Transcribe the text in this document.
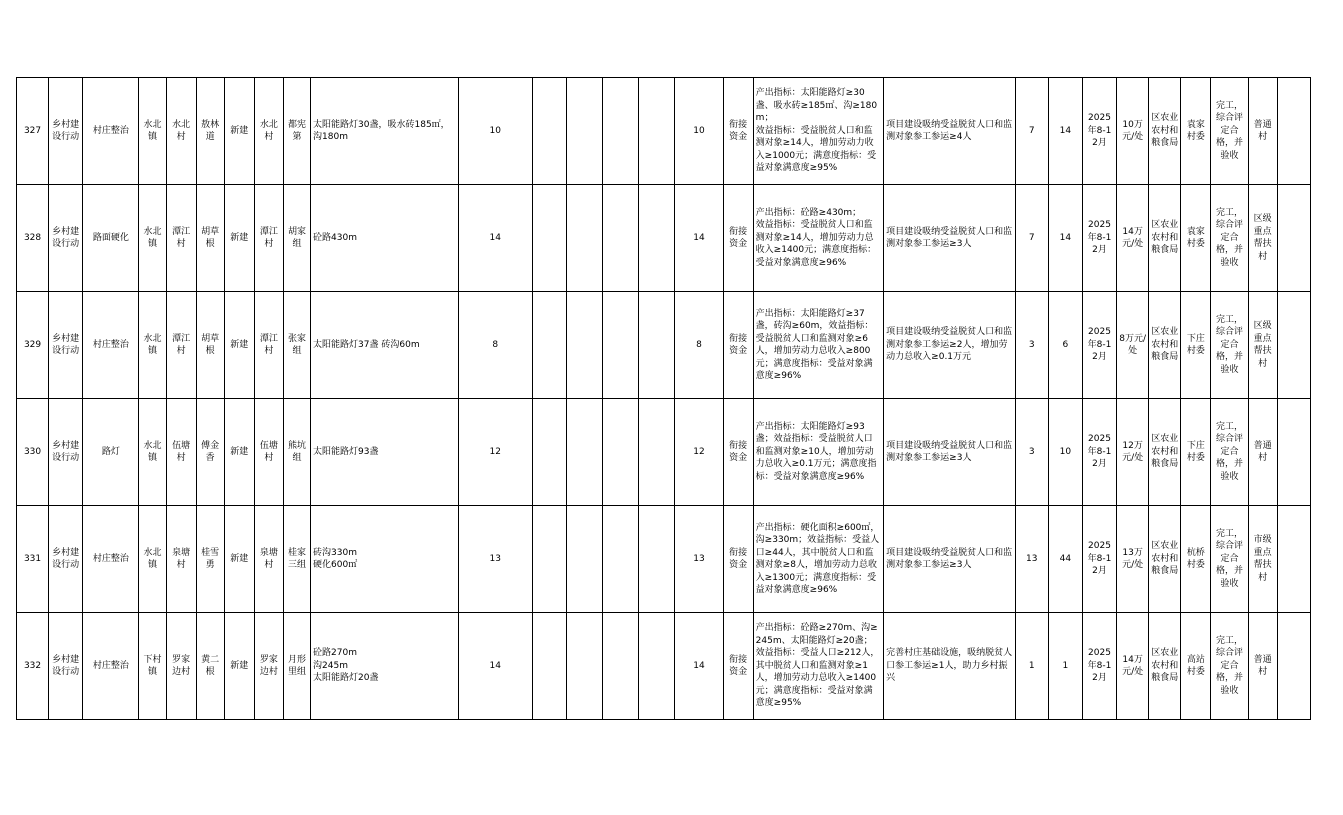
327	乡村建设行动	村庄整治	水北镇	水北村	敖林道	新建	水北村	都宪第	太阳能路灯30盏，吸水砖185㎡，沟180m	10					10	衔接资金	产出指标：太阳能路灯≥30盏、吸水砖≥185㎡、沟≥180m；
效益指标：受益脱贫人口和监测对象≥14人，增加劳动力收入≥1000元；满意度指标：受益对象满意度≥95%	项目建设吸纳受益脱贫人口和监测对象参工参运≥4人	7	14	2025年8-12月	10万元/处	区农业农村和粮食局	袁家村委	完工，综合评定合格，并验收	普通村	
328	乡村建设行动	路面硬化	水北镇	潭江村	胡草根	新建	潭江村	胡家组	砼路430m	14					14	衔接资金	产出指标：砼路≥430m；
效益指标：受益脱贫人口和监测对象≥14人，增加劳动力总收入≥1400元；满意度指标：受益对象满意度≥96%	项目建设吸纳受益脱贫人口和监测对象参工参运≥3人	7	14	2025年8-12月	14万元/处	区农业农村和粮食局	袁家村委	完工，综合评定合格，并验收	区级重点帮扶村	
329	乡村建设行动	村庄整治	水北镇	潭江村	胡草根	新建	潭江村	张家组	太阳能路灯37盏 砖沟60m	8					8	衔接资金	产出指标：太阳能路灯≥37盏，砖沟≥60m，效益指标：受益脱贫人口和监测对象≥6人，增加劳动力总收入≥800元；满意度指标：受益对象满意度≥96%	项目建设吸纳受益脱贫人口和监测对象参工参运≥2人，增加劳动力总收入≥0.1万元	3	6	2025年8-12月	8万元/处	区农业农村和粮食局	下庄村委	完工，综合评定合格，并验收	区级重点帮扶村	
330	乡村建设行动	路灯	水北镇	伍塘村	傅金香	新建	伍塘村	熊坑组	太阳能路灯93盏	12					12	衔接资金	产出指标：太阳能路灯≥93盏；效益指标：受益脱贫人口和监测对象≥10人，增加劳动力总收入≥0.1万元；满意度指标：受益对象满意度≥96%	项目建设吸纳受益脱贫人口和监测对象参工参运≥3人	3	10	2025年8-12月	12万元/处	区农业农村和粮食局	下庄村委	完工，综合评定合格，并验收	普通村	
331	乡村建设行动	村庄整治	水北镇	泉塘村	桂雪勇	新建	泉塘村	桂家三组	砖沟330m
硬化600㎡	13					13	衔接资金	产出指标：硬化面积≥600㎡，沟≥330m；效益指标：受益人口≥44人，其中脱贫人口和监测对象≥8人，增加劳动力总收入≥1300元；满意度指标：受益对象满意度≥96%	项目建设吸纳受益脱贫人口和监测对象参工参运≥3人	13	44	2025年8-12月	13万元/处	区农业农村和粮食局	杭桥村委	完工，综合评定合格，并验收	市级重点帮扶村	
332	乡村建设行动	村庄整治	下村镇	罗家边村	黄二根	新建	罗家边村	月形里组	砼路270m
沟245m
太阳能路灯20盏	14					14	衔接资金	产出指标：砼路≥270m、沟≥245m、太阳能路灯≥20盏；效益指标：受益人口≥212人，其中脱贫人口和监测对象≥1人，增加劳动力总收入≥1400元；满意度指标：受益对象满意度≥95%	完善村庄基础设施，吸纳脱贫人口参工参运≥1人，助力乡村振兴	1	1	2025年8-12月	14万元/处	区农业农村和粮食局	高站村委	完工，综合评定合格，并验收	普通村	
